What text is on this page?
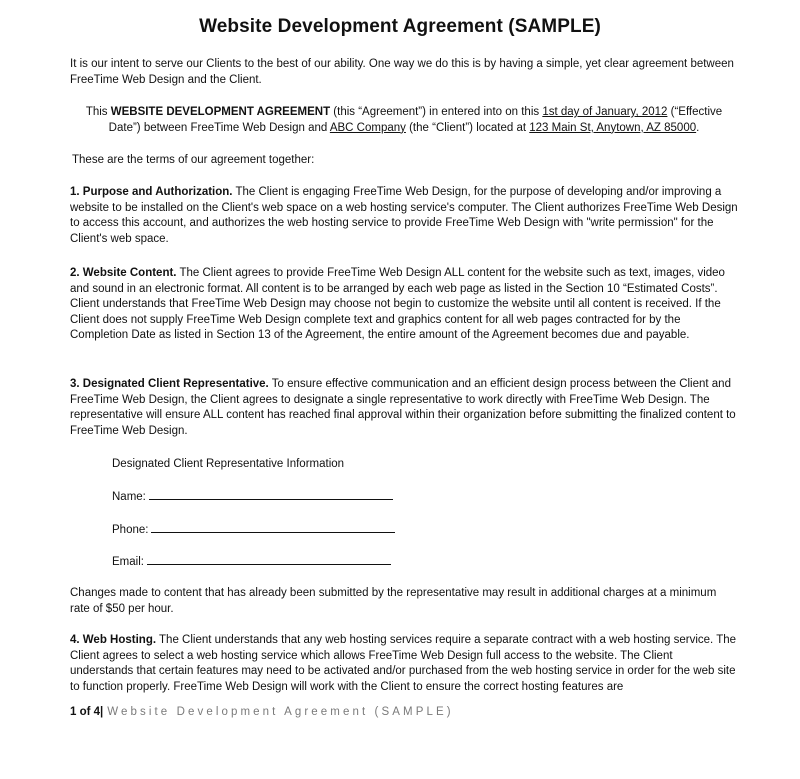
Website Development Agreement (SAMPLE)

It is our intent to serve our Clients to the best of our ability. One way we do this is by having a simple, yet clear agreement between FreeTime Web Design and the Client.

This WEBSITE DEVELOPMENT AGREEMENT (this “Agreement”) in entered into on this 1st day of January, 2012 (“Effective Date”) between FreeTime Web Design and ABC Company (the “Client”) located at 123 Main St, Anytown, AZ 85000.

These are the terms of our agreement together:

1. Purpose and Authorization. The Client is engaging FreeTime Web Design, for the purpose of developing and/or improving a website to be installed on the Client's web space on a web hosting service's computer. The Client authorizes FreeTime Web Design to access this account, and authorizes the web hosting service to provide FreeTime Web Design with "write permission" for the Client's web space.

2. Website Content. The Client agrees to provide FreeTime Web Design ALL content for the website such as text, images, video and sound in an electronic format. All content is to be arranged by each web page as listed in the Section 10 “Estimated Costs”. Client understands that FreeTime Web Design may choose not begin to customize the website until all content is received. If the Client does not supply FreeTime Web Design complete text and graphics content for all web pages contracted for by the Completion Date as listed in Section 13 of the Agreement, the entire amount of the Agreement becomes due and payable.

3. Designated Client Representative. To ensure effective communication and an efficient design process between the Client and FreeTime Web Design, the Client agrees to designate a single representative to work directly with FreeTime Web Design. The representative will ensure ALL content has reached final approval within their organization before submitting the finalized content to FreeTime Web Design.

Designated Client Representative Information
Name:
Phone:
Email:

Changes made to content that has already been submitted by the representative may result in additional charges at a minimum rate of $50 per hour.

4. Web Hosting. The Client understands that any web hosting services require a separate contract with a web hosting service. The Client agrees to select a web hosting service which allows FreeTime Web Design full access to the website. The Client understands that certain features may need to be activated and/or purchased from the web hosting service in order for the web site to function properly. FreeTime Web Design will work with the Client to ensure the correct hosting features are

1 of 4| Website Development Agreement (SAMPLE)
